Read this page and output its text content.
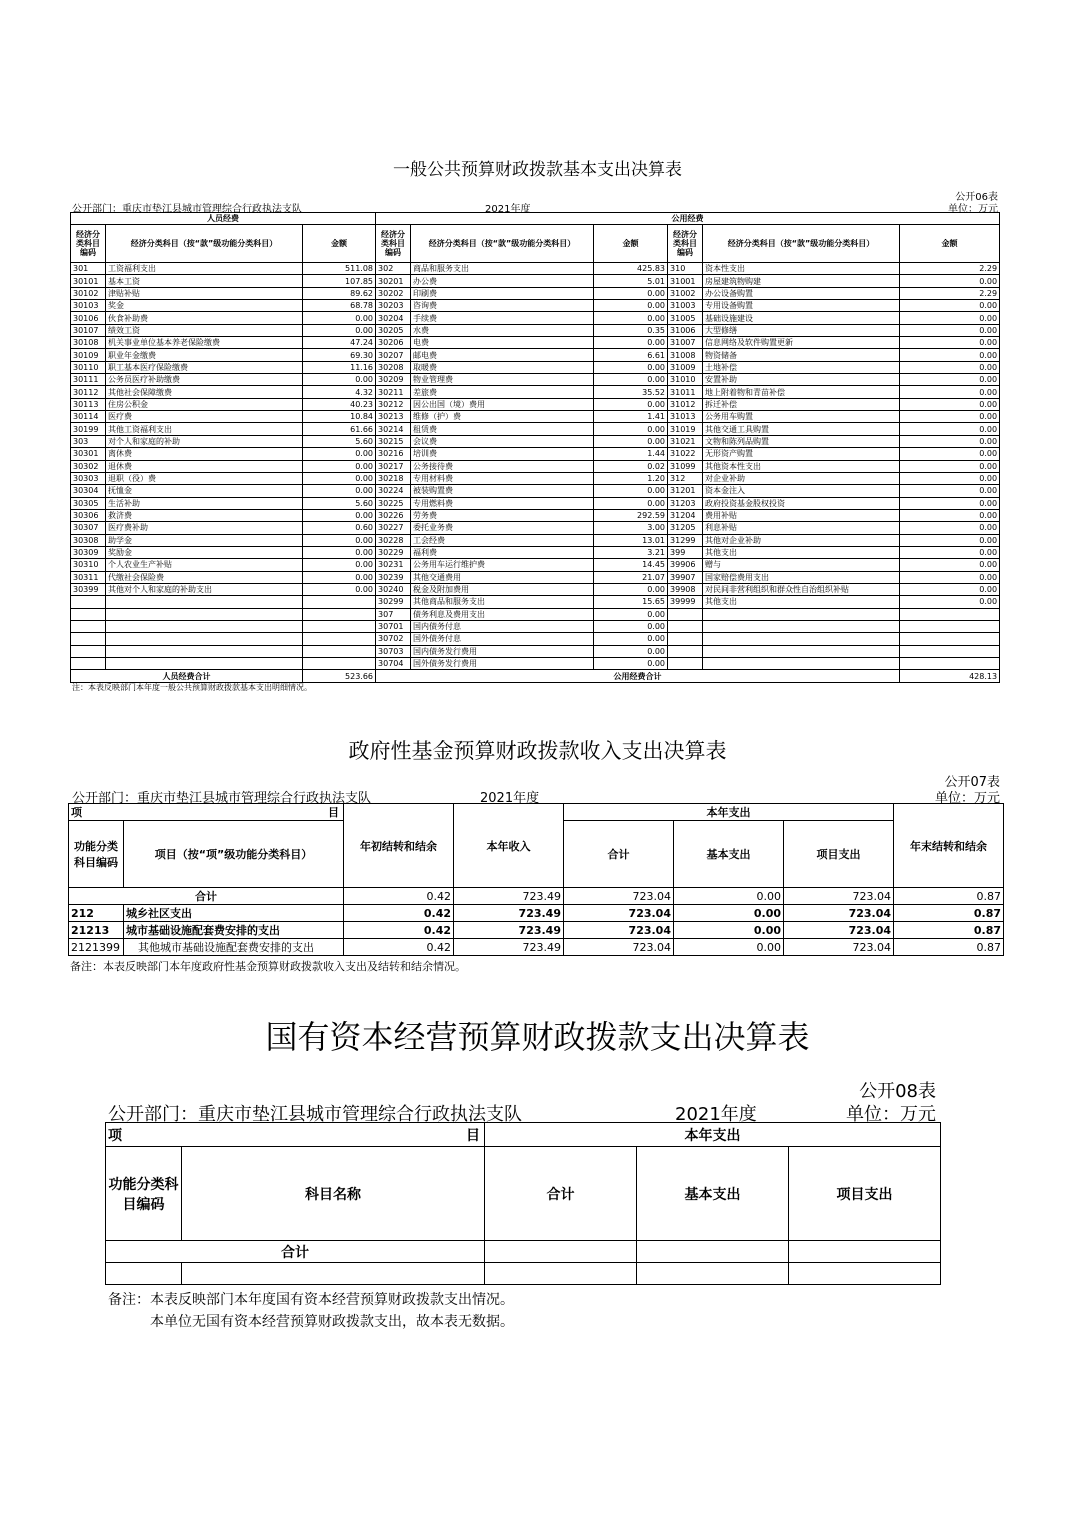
一般公共预算财政拨款基本支出决算表
公开06表
公开部门：重庆市垫江县城市管理综合行政执法支队	2021年度	单位：万元
人员经费			公用经费					
经济分类科目编码	经济分类科目（按“款”级功能分类科目）	金额	经济分类科目编码	经济分类科目（按“款”级功能分类科目）	金额	经济分类科目编码	经济分类科目（按“款”级功能分类科目）	金额
301	工资福利支出	511.08	302	商品和服务支出	425.83	310	资本性支出	2.29
30101	基本工资	107.85	30201	办公费	5.01	31001	房屋建筑物购建	0.00
30102	津贴补贴	89.62	30202	印刷费	0.00	31002	办公设备购置	2.29
30103	奖金	68.78	30203	咨询费	0.00	31003	专用设备购置	0.00
30106	伙食补助费	0.00	30204	手续费	0.00	31005	基础设施建设	0.00
30107	绩效工资	0.00	30205	水费	0.35	31006	大型修缮	0.00
30108	机关事业单位基本养老保险缴费	47.24	30206	电费	0.00	31007	信息网络及软件购置更新	0.00
30109	职业年金缴费	69.30	30207	邮电费	6.61	31008	物资储备	0.00
30110	职工基本医疗保险缴费	11.16	30208	取暖费	0.00	31009	土地补偿	0.00
30111	公务员医疗补助缴费	0.00	30209	物业管理费	0.00	31010	安置补助	0.00
30112	其他社会保障缴费	4.32	30211	差旅费	35.52	31011	地上附着物和青苗补偿	0.00
30113	住房公积金	40.23	30212	因公出国（境）费用	0.00	31012	拆迁补偿	0.00
30114	医疗费	10.84	30213	维修（护）费	1.41	31013	公务用车购置	0.00
30199	其他工资福利支出	61.66	30214	租赁费	0.00	31019	其他交通工具购置	0.00
303	对个人和家庭的补助	5.60	30215	会议费	0.00	31021	文物和陈列品购置	0.00
30301	离休费	0.00	30216	培训费	1.44	31022	无形资产购置	0.00
30302	退休费	0.00	30217	公务接待费	0.02	31099	其他资本性支出	0.00
30303	退职（役）费	0.00	30218	专用材料费	1.20	312	对企业补助	0.00
30304	抚恤金	0.00	30224	被装购置费	0.00	31201	资本金注入	0.00
30305	生活补助	5.60	30225	专用燃料费	0.00	31203	政府投资基金股权投资	0.00
30306	救济费	0.00	30226	劳务费	292.59	31204	费用补贴	0.00
30307	医疗费补助	0.60	30227	委托业务费	3.00	31205	利息补贴	0.00
30308	助学金	0.00	30228	工会经费	13.01	31299	其他对企业补助	0.00
30309	奖励金	0.00	30229	福利费	3.21	399	其他支出	0.00
30310	个人农业生产补贴	0.00	30231	公务用车运行维护费	14.45	39906	赠与	0.00
30311	代缴社会保险费	0.00	30239	其他交通费用	21.07	39907	国家赔偿费用支出	0.00
30399	其他对个人和家庭的补助支出	0.00	30240	税金及附加费用	0.00	39908	对民间非营利组织和群众性自治组织补贴	0.00
			30299	其他商品和服务支出	15.65	39999	其他支出	0.00
			307	债务利息及费用支出	0.00			
			30701	国内债务付息	0.00			
			30702	国外债务付息	0.00			
			30703	国内债务发行费用	0.00			
			30704	国外债务发行费用	0.00			
人员经费合计		523.66	公用经费合计					428.13
注：本表反映部门本年度一般公共预算财政拨款基本支出明细情况。
政府性基金预算财政拨款收入支出决算表
公开07表
公开部门：重庆市垫江县城市管理综合行政执法支队	2021年度	单位：万元
项 目		年初结转和结余	本年收入	本年支出			年末结转和结余
功能分类科目编码	项目（按“项”级功能分类科目）			合计	基本支出	项目支出	
合计		0.42	723.49	723.04	0.00	723.04	0.87
212	城乡社区支出	0.42	723.49	723.04	0.00	723.04	0.87
21213	城市基础设施配套费安排的支出	0.42	723.49	723.04	0.00	723.04	0.87
2121399	其他城市基础设施配套费安排的支出	0.42	723.49	723.04	0.00	723.04	0.87
备注：本表反映部门本年度政府性基金预算财政拨款收入支出及结转和结余情况。
国有资本经营预算财政拨款支出决算表
公开08表
公开部门：重庆市垫江县城市管理综合行政执法支队	2021年度	单位：万元
项 目		本年支出		
功能分类科目编码	科目名称	合计	基本支出	项目支出
合计				

备注：本表反映部门本年度国有资本经营预算财政拨款支出情况。
本单位无国有资本经营预算财政拨款支出，故本表无数据。
